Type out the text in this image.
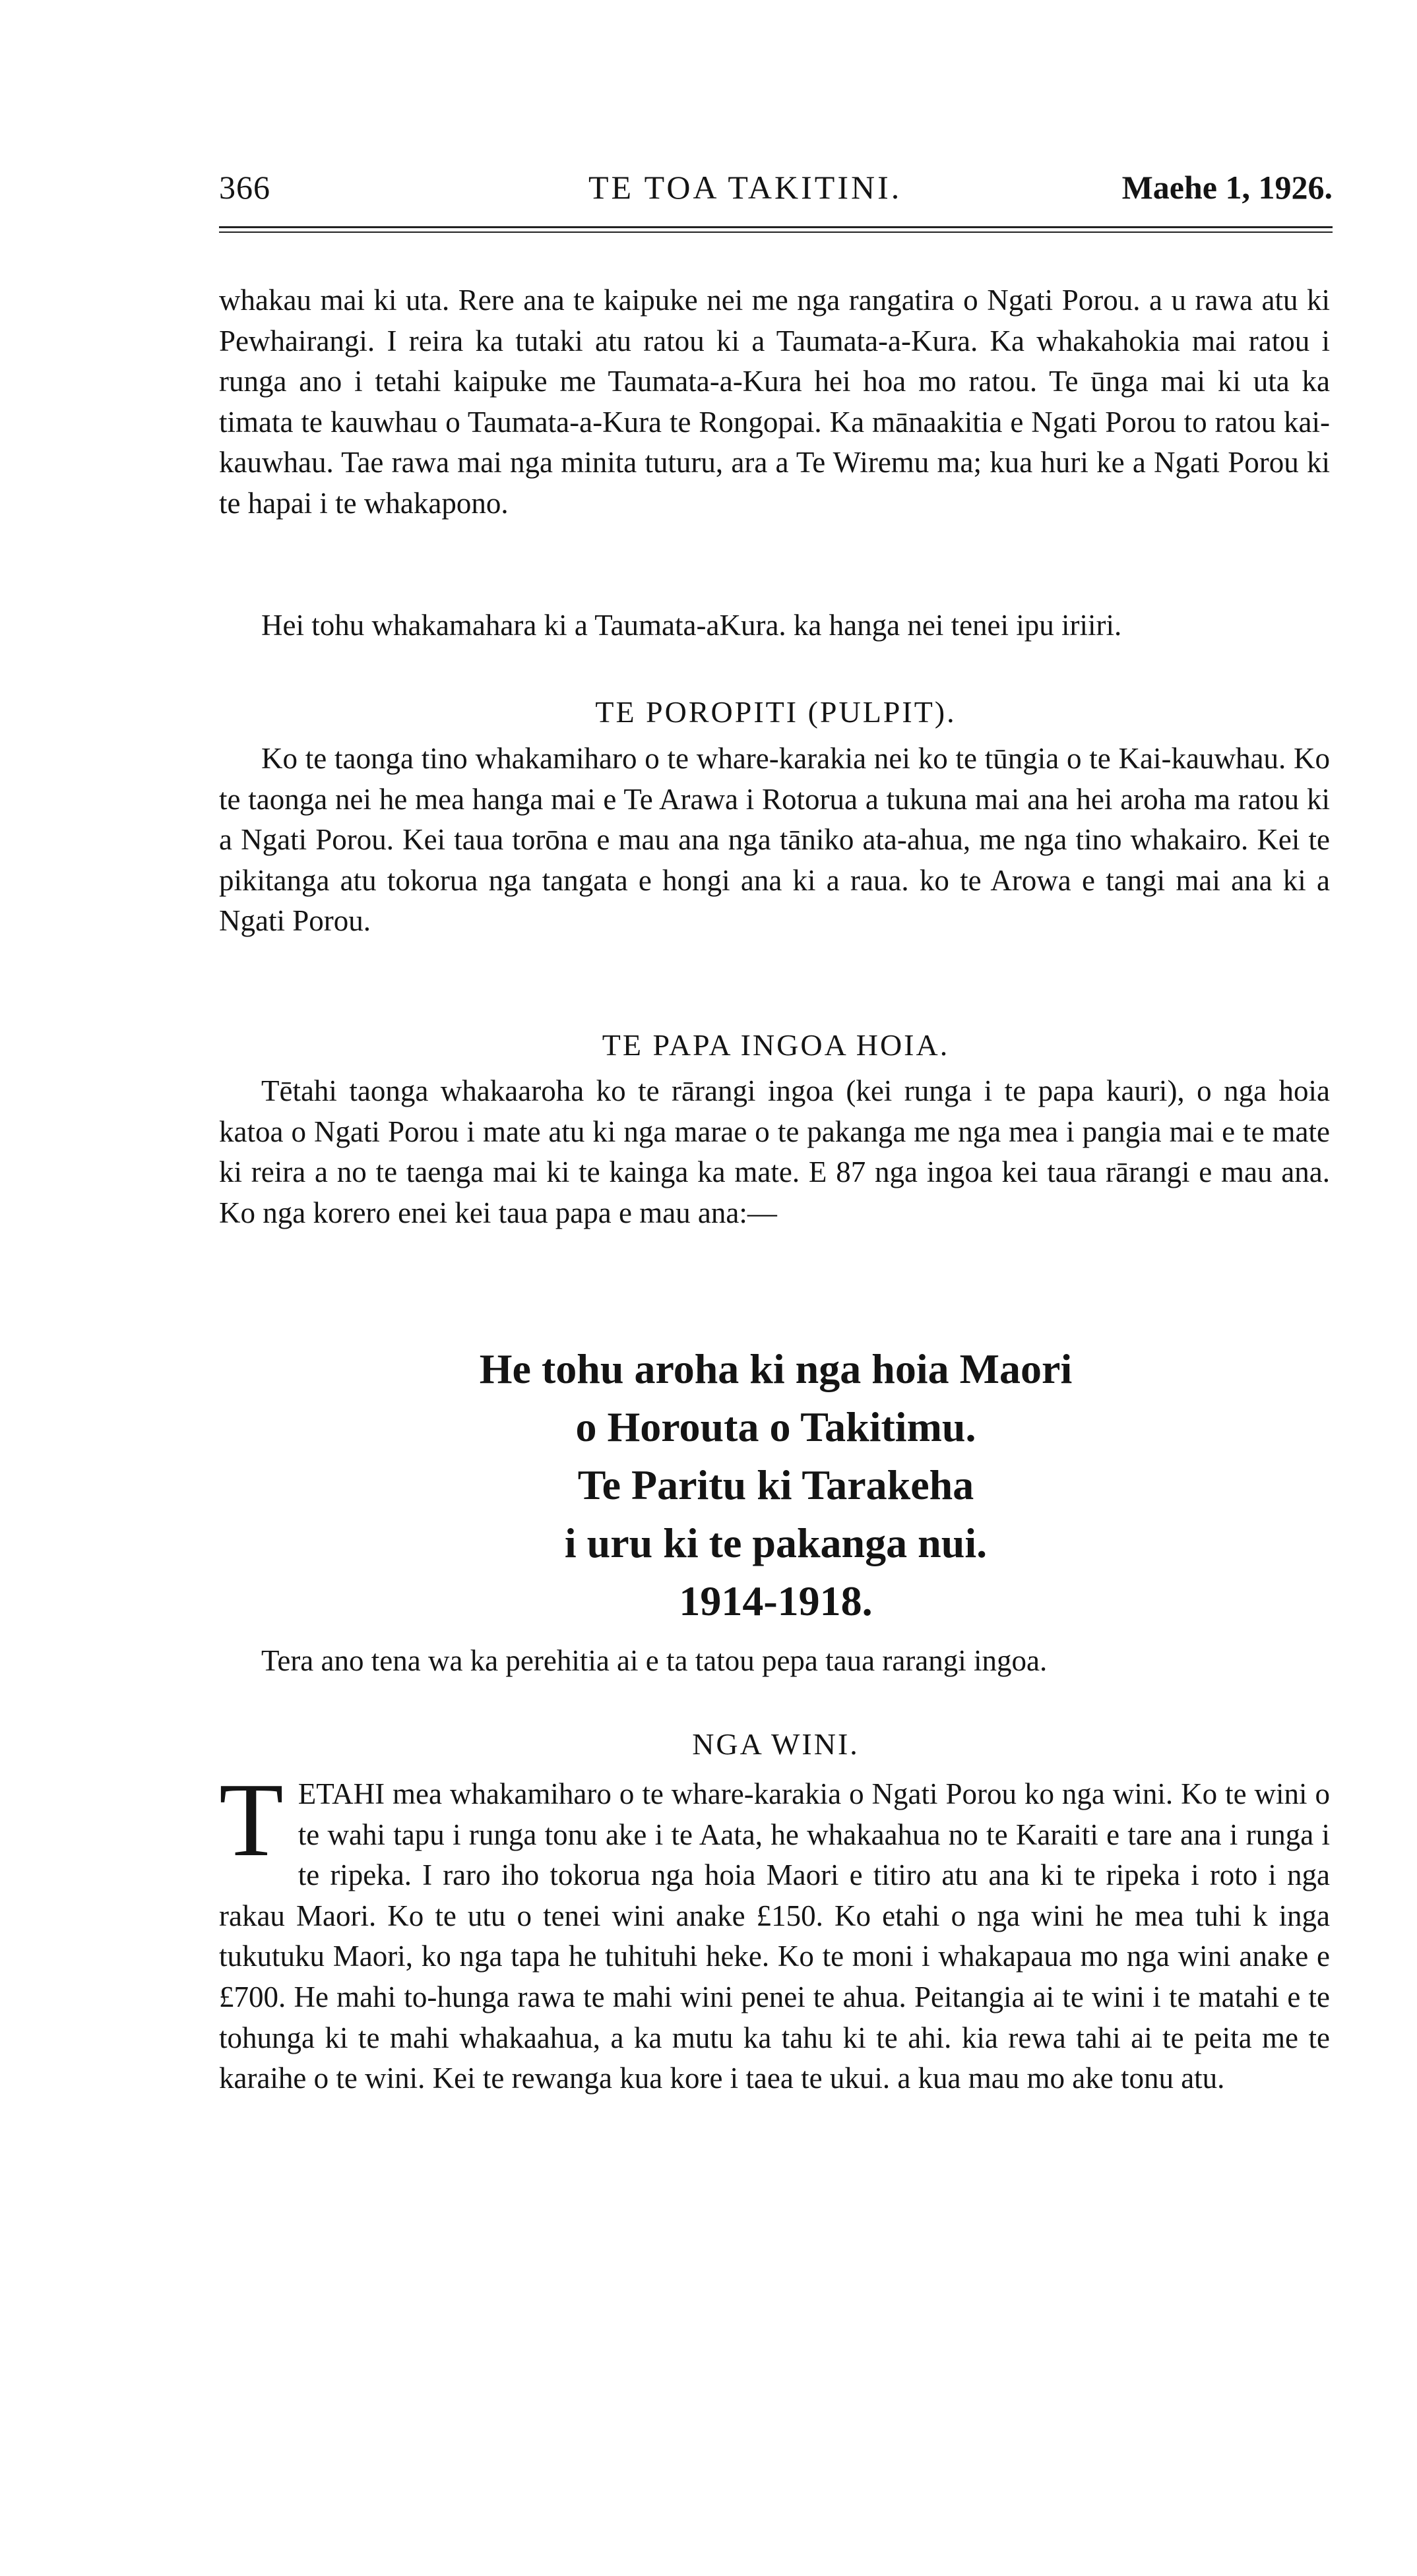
366	TE TOA TAKITINI.	Maehe 1, 1926.

whakau mai ki uta. Rere ana te kaipuke nei me nga rangatira o Ngati Porou. a u rawa atu ki Pewhairangi. I reira ka tutaki atu ratou ki a Taumata-a-Kura. Ka whakahokia mai ratou i runga ano i tetahi kaipuke me Taumata-a-Kura hei hoa mo ratou. Te ūnga mai ki uta ka timata te kauwhau o Taumata-a-Kura te Rongopai. Ka mānaakitia e Ngati Porou to ratou kai-kauwhau. Tae rawa mai nga minita tuturu, ara a Te Wiremu ma; kua huri ke a Ngati Porou ki te hapai i te whakapono.

Hei tohu whakamahara ki a Taumata-aKura. ka hanga nei tenei ipu iriiri.

TE POROPITI (PULPIT).

Ko te taonga tino whakamiharo o te whare-karakia nei ko te tūngia o te Kai-kauwhau. Ko te taonga nei he mea hanga mai e Te Arawa i Rotorua a tukuna mai ana hei aroha ma ratou ki a Ngati Porou. Kei taua torōna e mau ana nga tāniko ata-ahua, me nga tino whakairo. Kei te pikitanga atu tokorua nga tangata e hongi ana ki a raua. ko te Arowa e tangi mai ana ki a Ngati Porou.

TE PAPA INGOA HOIA.

Tētahi taonga whakaaroha ko te rārangi ingoa (kei runga i te papa kauri), o nga hoia katoa o Ngati Porou i mate atu ki nga marae o te pakanga me nga mea i pangia mai e te mate ki reira a no te taenga mai ki te kainga ka mate. E 87 nga ingoa kei taua rārangi e mau ana. Ko nga korero enei kei taua papa e mau ana:—

He tohu aroha ki nga hoia Maori
o Horouta o Takitimu.
Te Paritu ki Tarakeha
i uru ki te pakanga nui.
1914-1918.

Tera ano tena wa ka perehitia ai e ta tatou pepa taua rarangi ingoa.

NGA WINI.
T ETAHI mea whakamiharo o te whare-karakia o Ngati Porou ko nga wini. Ko te wini o te wahi tapu i runga tonu ake i te Aata, he whakaahua no te Karaiti e tare ana i runga i te ripeka. I raro iho tokorua nga hoia Maori e titiro atu ana ki te ripeka i roto i nga rakau Maori. Ko te utu o tenei wini anake £150. Ko etahi o nga wini he mea tuhi k inga tukutuku Maori, ko nga tapa he tuhituhi heke. Ko te moni i whakapaua mo nga wini anake e £700. He mahi to-hunga rawa te mahi wini penei te ahua. Peitangia ai te wini i te matahi e te tohunga ki te mahi whakaahua, a ka mutu ka tahu ki te ahi. kia rewa tahi ai te peita me te karaihe o te wini. Kei te rewanga kua kore i taea te ukui. a kua mau mo ake tonu atu.
